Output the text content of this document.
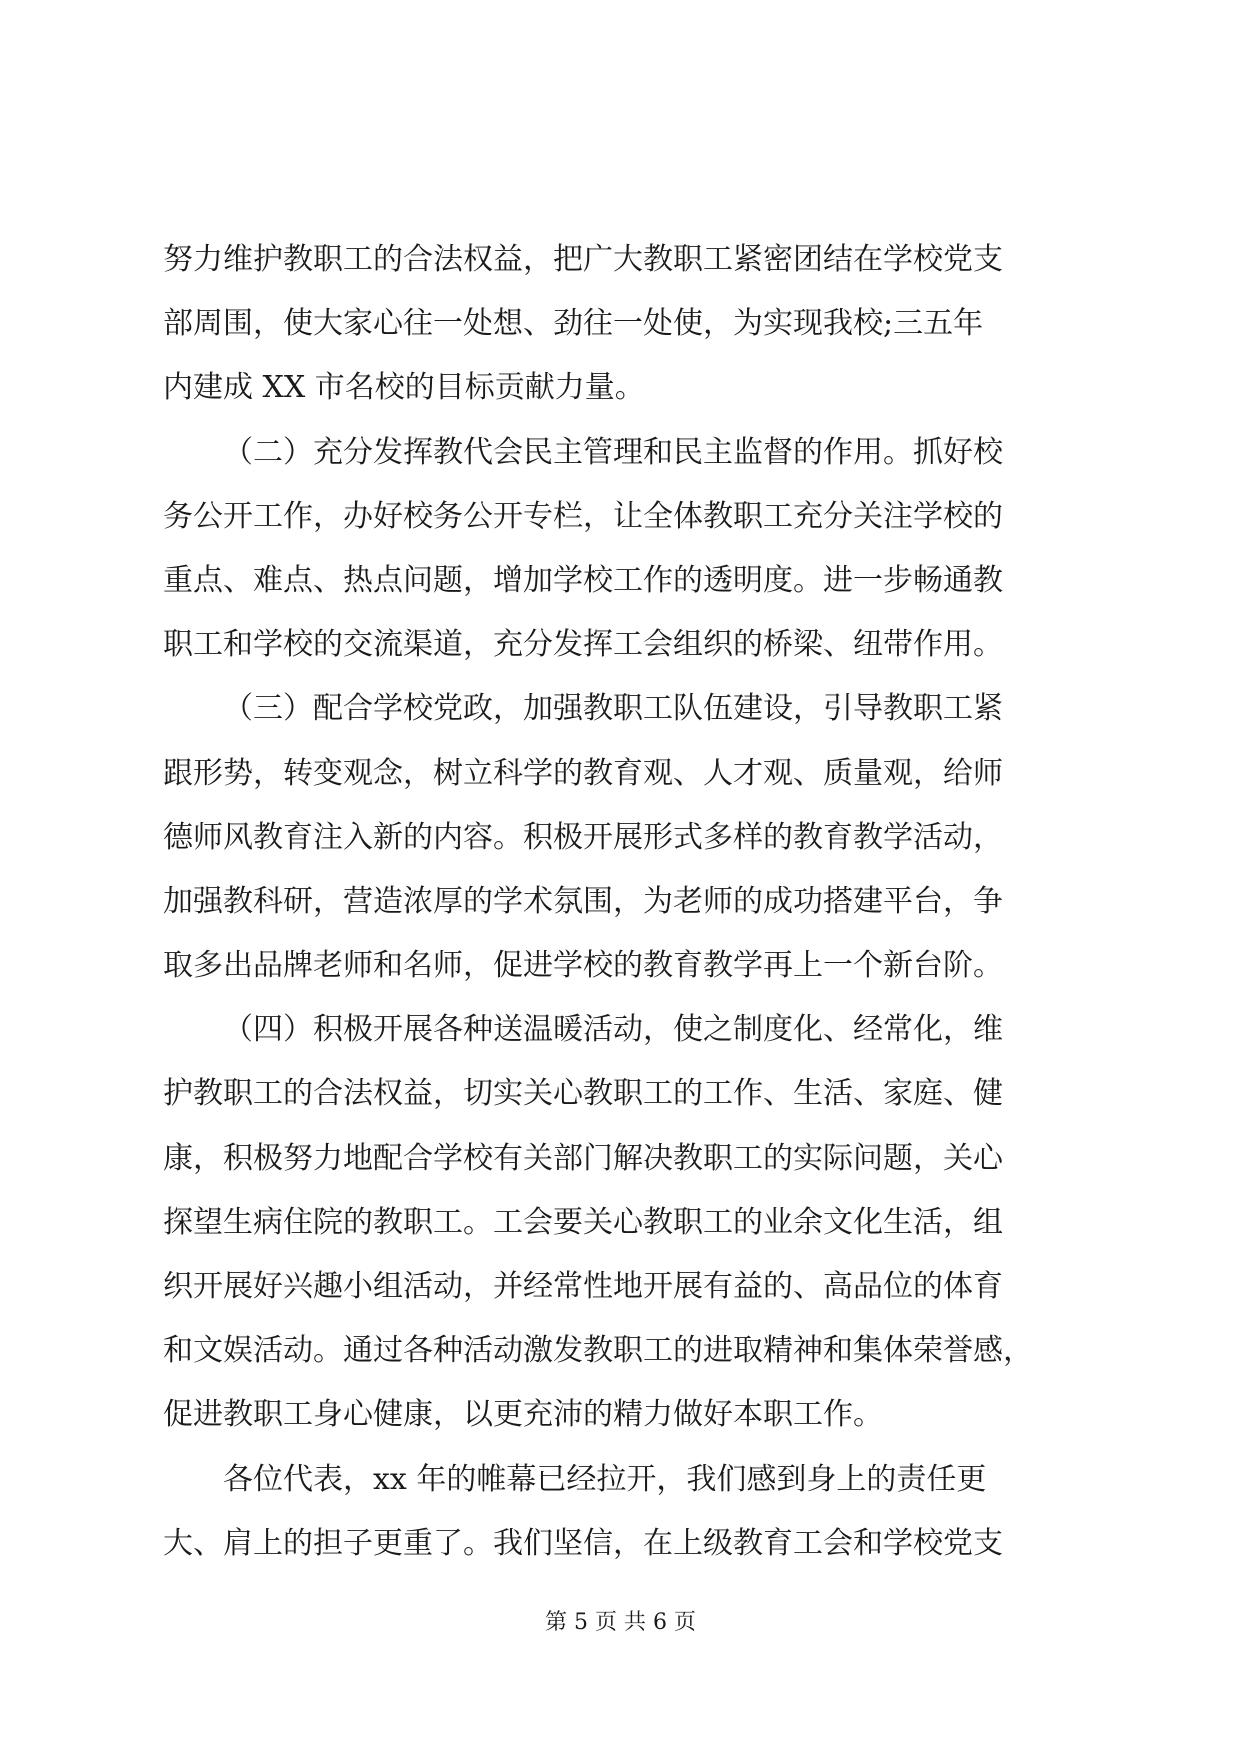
努力维护教职工的合法权益，把广大教职工紧密团结在学校党支
部周围，使大家心往一处想、劲往一处使，为实现我校;三五年
内建成 XX 市名校的目标贡献力量。
（二）充分发挥教代会民主管理和民主监督的作用。抓好校
务公开工作，办好校务公开专栏，让全体教职工充分关注学校的
重点、难点、热点问题，增加学校工作的透明度。进一步畅通教
职工和学校的交流渠道，充分发挥工会组织的桥梁、纽带作用。
（三）配合学校党政，加强教职工队伍建设，引导教职工紧
跟形势，转变观念，树立科学的教育观、人才观、质量观，给师
德师风教育注入新的内容。积极开展形式多样的教育教学活动，
加强教科研，营造浓厚的学术氛围，为老师的成功搭建平台，争
取多出品牌老师和名师，促进学校的教育教学再上一个新台阶。
（四）积极开展各种送温暖活动，使之制度化、经常化，维
护教职工的合法权益，切实关心教职工的工作、生活、家庭、健
康，积极努力地配合学校有关部门解决教职工的实际问题，关心
探望生病住院的教职工。工会要关心教职工的业余文化生活，组
织开展好兴趣小组活动，并经常性地开展有益的、高品位的体育
和文娱活动。通过各种活动激发教职工的进取精神和集体荣誉感，
促进教职工身心健康，以更充沛的精力做好本职工作。
各位代表，xx 年的帷幕已经拉开，我们感到身上的责任更
大、肩上的担子更重了。我们坚信，在上级教育工会和学校党支
第 5 页 共 6 页
